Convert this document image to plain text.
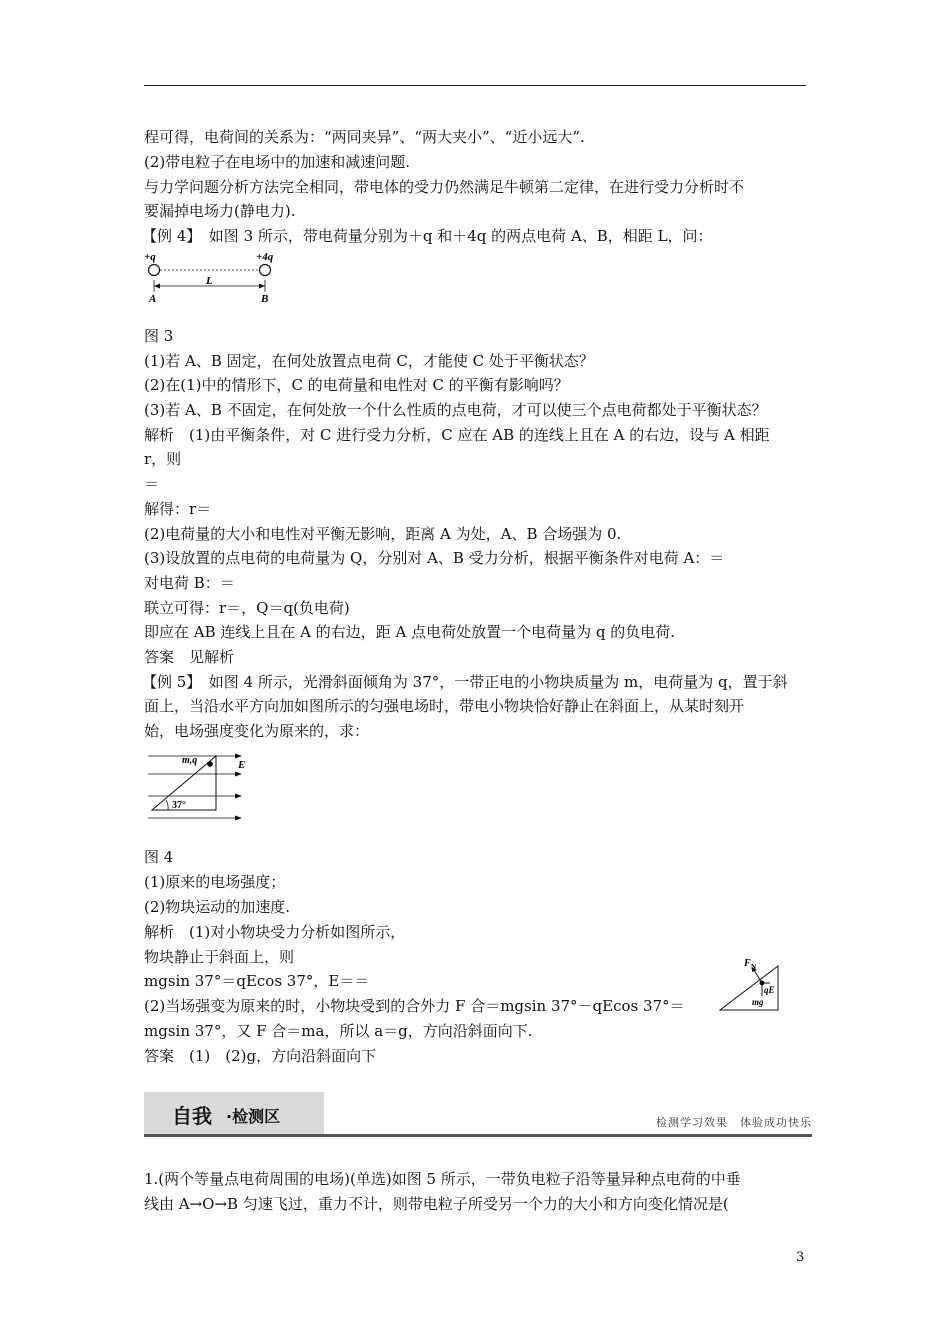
程可得，电荷间的关系为：“两同夹异”、“两大夹小”、“近小远大”.
(2)带电粒子在电场中的加速和减速问题.
与力学问题分析方法完全相同，带电体的受力仍然满足牛顿第二定律，在进行受力分析时不
要漏掉电场力(静电力).
【例 4】　如图 3 所示，带电荷量分别为＋q 和＋4q 的两点电荷 A、B，相距 L，问：
图 3
(1)若 A、B 固定，在何处放置点电荷 C，才能使 C 处于平衡状态？
(2)在(1)中的情形下，C 的电荷量和电性对 C 的平衡有影响吗？
(3)若 A、B 不固定，在何处放一个什么性质的点电荷，才可以使三个点电荷都处于平衡状态？
解析　(1)由平衡条件，对 C 进行受力分析，C 应在 AB 的连线上且在 A 的右边，设与 A 相距
r，则
＝
解得：r＝
(2)电荷量的大小和电性对平衡无影响，距离 A 为处，A、B 合场强为 0.
(3)设放置的点电荷的电荷量为 Q，分别对 A、B 受力分析，根据平衡条件对电荷 A：＝
对电荷 B：＝
联立可得：r＝，Q＝q(负电荷)
即应在 AB 连线上且在 A 的右边，距 A 点电荷处放置一个电荷量为 q 的负电荷.
答案　见解析
【例 5】　如图 4 所示，光滑斜面倾角为 37°，一带正电的小物块质量为 m，电荷量为 q，置于斜
面上，当沿水平方向加如图所示的匀强电场时，带电小物块恰好静止在斜面上，从某时刻开
始，电场强度变化为原来的，求：
图 4
(1)原来的电场强度；
(2)物块运动的加速度.
解析　(1)对小物块受力分析如图所示，
物块静止于斜面上，则
mgsin 37°＝qEcos 37°，E＝＝
(2)当场强变为原来的时，小物块受到的合外力 F 合＝mgsin 37°－qEcos 37°＝
mgsin 37°，又 F 合＝ma，所以 a＝g，方向沿斜面向下.
答案　(1)　(2)g，方向沿斜面向下
1.(两个等量点电荷周围的电场)(单选)如图 5 所示，一带负电粒子沿等量异种点电荷的中垂
线由 A→O→B 匀速飞过，重力不计，则带电粒子所受另一个力的大小和方向变化情况是(
+q	+4q
L
A	B
m,q	E
37°
F N
qE
mg
自我 ·检测区	检测学习效果　体验成功快乐
3
